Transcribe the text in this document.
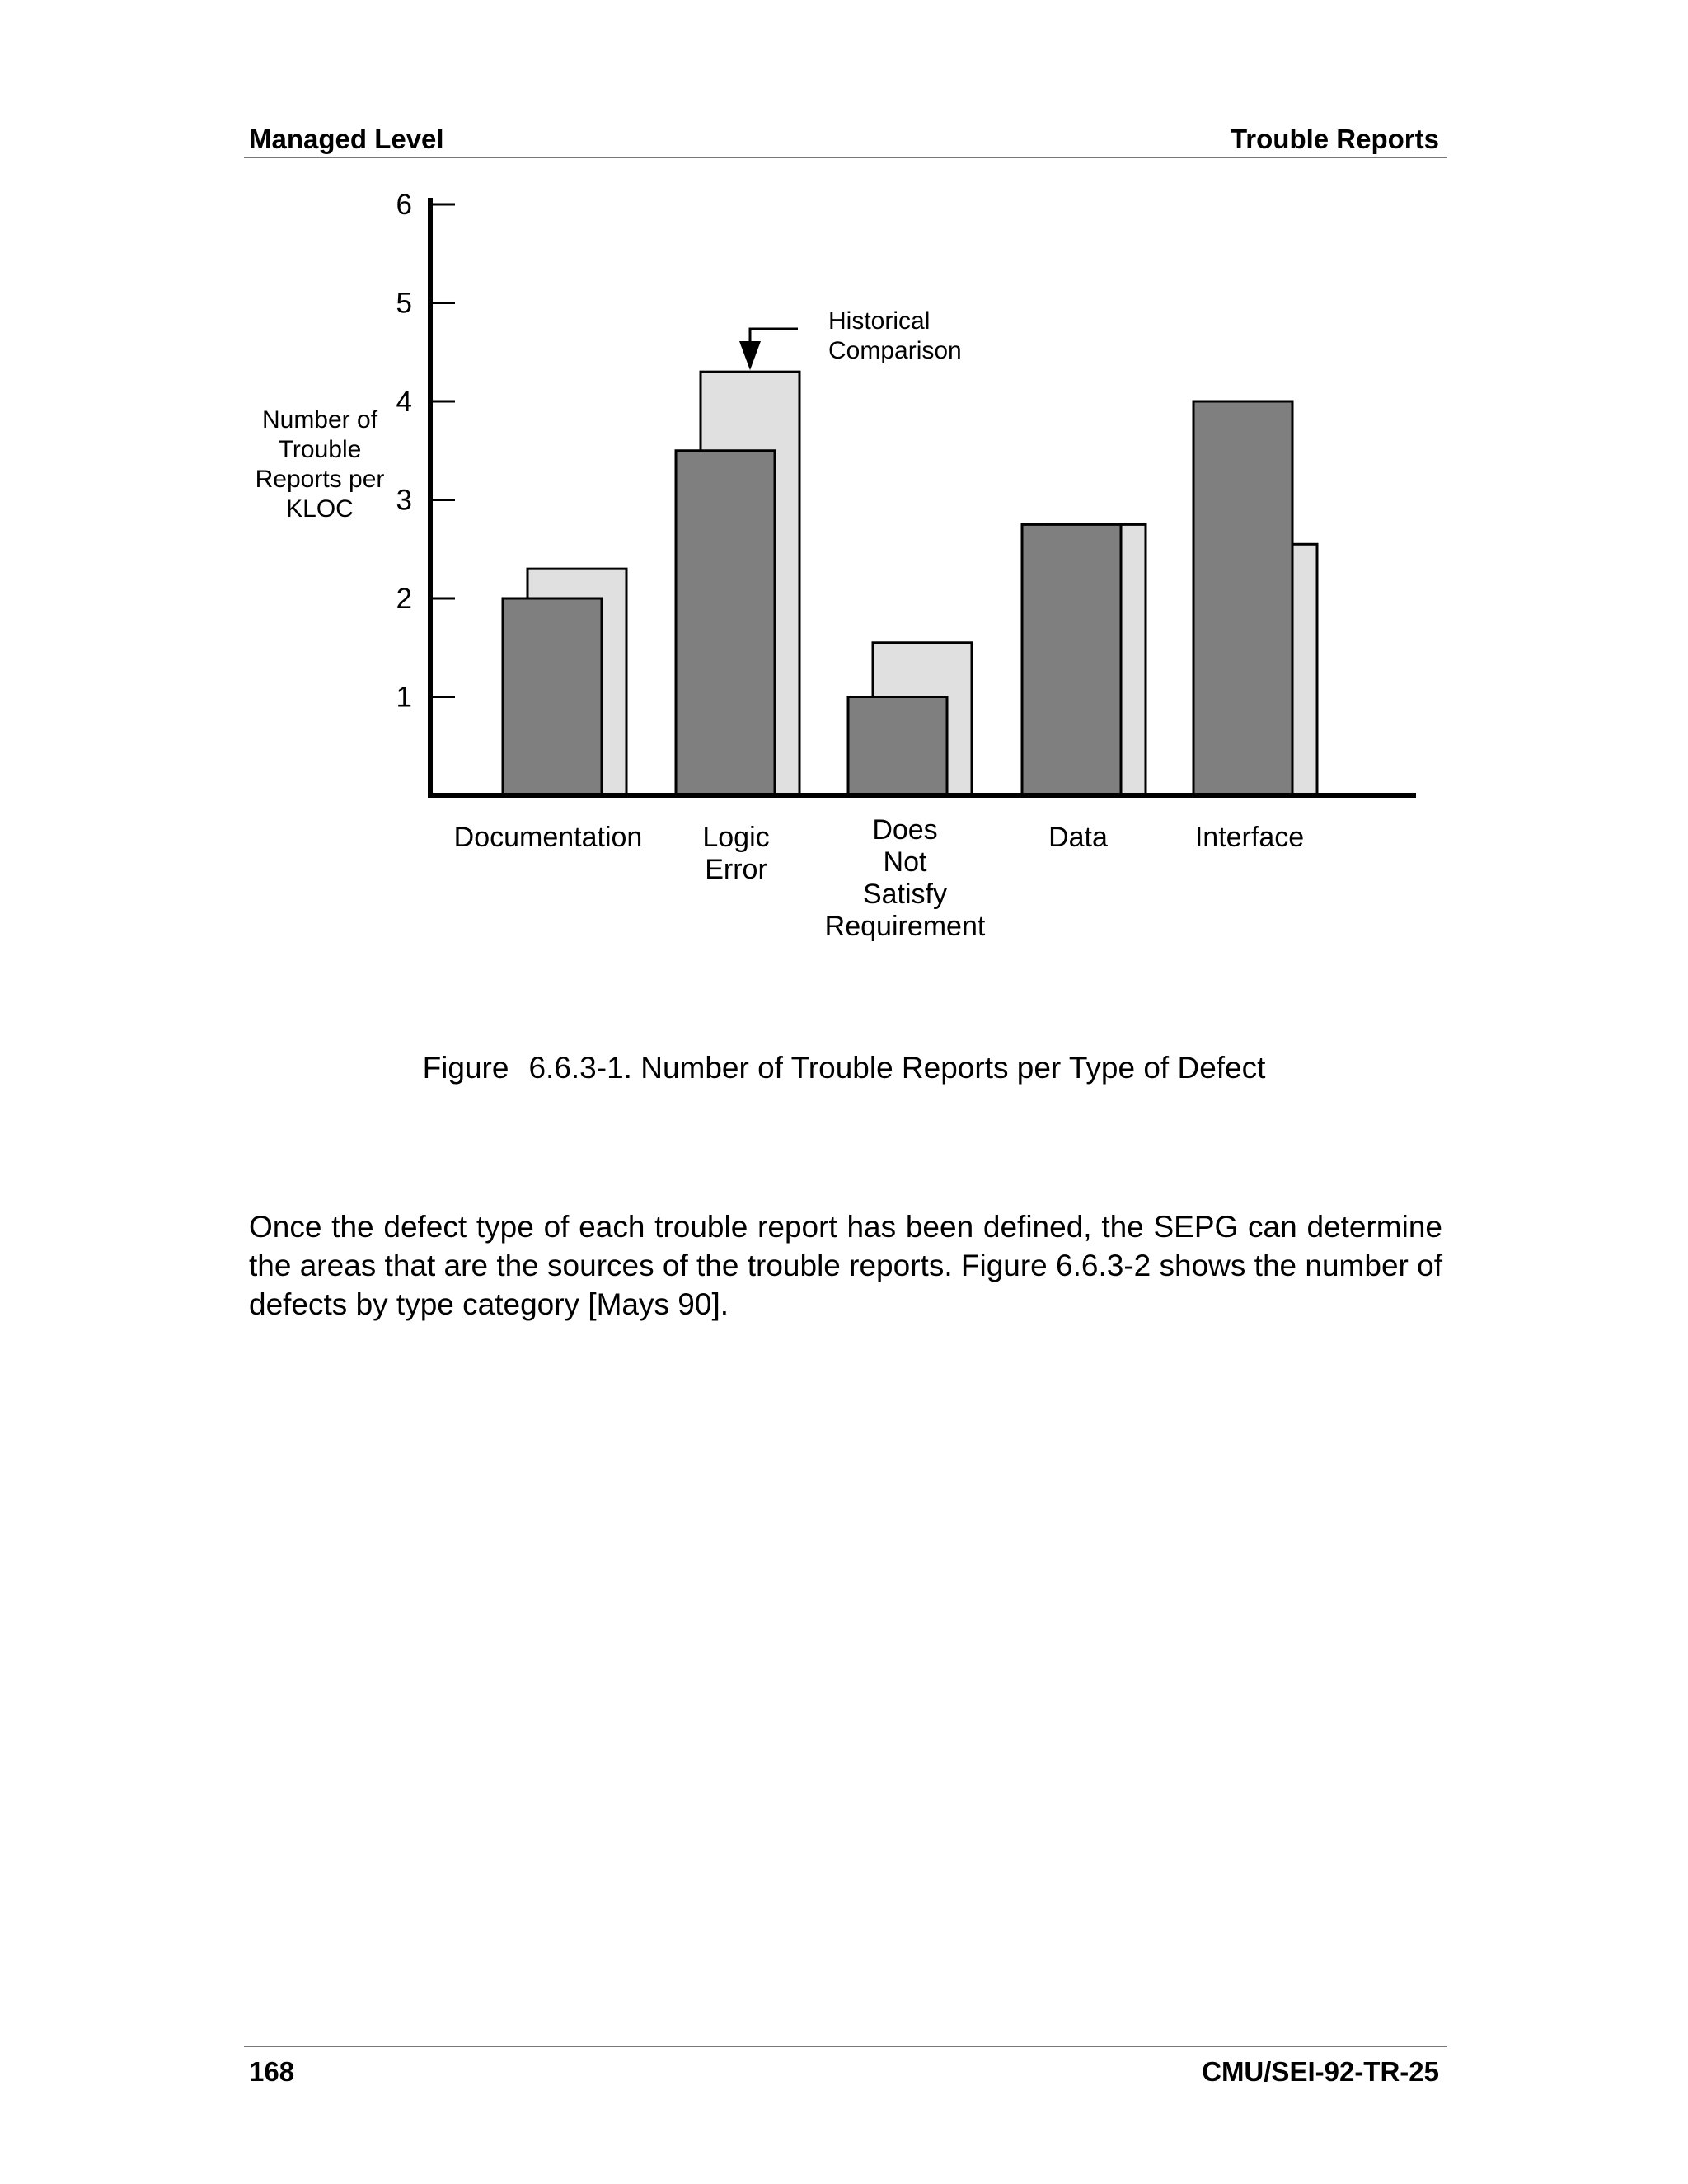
Managed Level	Trouble Reports
1
2
3
4
5
6
Number of
Trouble
Reports per
KLOC
Documentation Logic
Error
Does
Not
Satisfy
Requirement
Data	Interface
Historical
Comparison
Figure 6.6.3-1. Number of Trouble Reports per Type of Defect

Once the defect type of each trouble report has been defined, the SEPG can determine the areas that are the sources of the trouble reports. Figure 6.6.3-2 shows the number of defects by type category [Mays 90].

168	CMU/SEI-92-TR-25
